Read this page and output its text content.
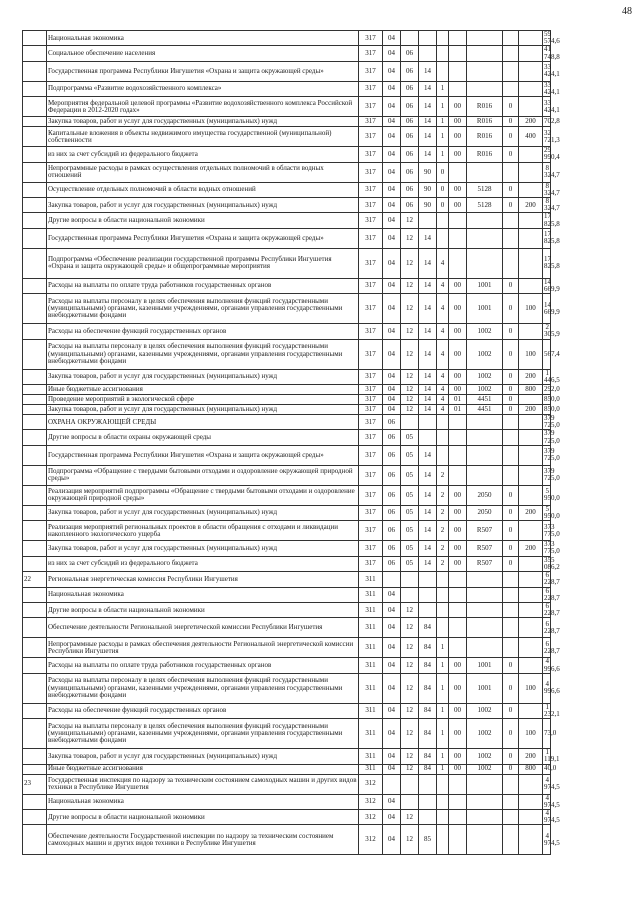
48
	Национальная экономика	317	04								59 574,6
	Социальное обеспечение населения	317	04	06							41 748,8
	Государственная программа Республики Ингушетия «Охрана и защита окружающей среды»	317	04	06	14						33 424,1
	Подпрограмма «Развитие водохозяйственного комплекса»	317	04	06	14	1					33 424,1
	Мероприятия федеральной целевой программы «Развитие водохозяйственного комплекса Российской Федерации в 2012-2020 годах»	317	04	06	14	1	00	R016	0		33 424,1
	Закупка товаров, работ и услуг для государственных (муниципальных) нужд	317	04	06	14	1	00	R016	0	200	702,8
	Капитальные вложения в объекты недвижимого имущества государственной (муниципальной) собственности	317	04	06	14	1	00	R016	0	400	32 721,3
	из них за счет субсидий из федерального бюджета	317	04	06	14	1	00	R016	0		29 990,4
	Непрограммные расходы в рамках осуществления отдельных полномочий в области водных отношений	317	04	06	90	0					8 324,7
	Осуществление отдельных полномочий в области водных отношений	317	04	06	90	0	00	5128	0		8 324,7
	Закупка товаров, работ и услуг для государственных (муниципальных) нужд	317	04	06	90	0	00	5128	0	200	8 324,7
	Другие вопросы в области национальной экономики	317	04	12							17 825,8
	Государственная программа Республики Ингушетия «Охрана и защита окружающей среды»	317	04	12	14						17 825,8
	Подпрограмма «Обеспечение реализации государственной программы Республики Ингушетия «Охрана и защита окружающей среды» и общепрограммные мероприятия	317	04	12	14	4					17 825,8
	Расходы на выплаты по оплате труда работников государственных органов	317	04	12	14	4	00	1001	0		14 669,9
	Расходы на выплаты персоналу в целях обеспечения выполнения функций государственными (муниципальными) органами, казенными учреждениями, органами управления государственными внебюджетными фондами	317	04	12	14	4	00	1001	0	100	14 669,9
	Расходы на обеспечение функций государственных органов	317	04	12	14	4	00	1002	0		2 305,9
	Расходы на выплаты персоналу в целях обеспечения выполнения функций государственными (муниципальными) органами, казенными учреждениями, органами управления государственными внебюджетными фондами	317	04	12	14	4	00	1002	0	100	567,4
	Закупка товаров, работ и услуг для государственных (муниципальных) нужд	317	04	12	14	4	00	1002	0	200	1 446,5
	Иные бюджетные ассигнования	317	04	12	14	4	00	1002	0	800	292,0
	Проведение мероприятий в экологической сфере	317	04	12	14	4	01	4451	0		850,0
	Закупка товаров, работ и услуг для государственных (муниципальных) нужд	317	04	12	14	4	01	4451	0	200	850,0
	ОХРАНА ОКРУЖАЮЩЕЙ СРЕДЫ	317	06								379 725,0
	Другие вопросы в области охраны окружающей среды	317	06	05							379 725,0
	Государственная программа Республики Ингушетия «Охрана и защита окружающей среды»	317	06	05	14						379 725,0
	Подпрограмма «Обращение с твердыми бытовыми отходами и оздоровление окружающей природной среды»	317	06	05	14	2					379 725,0
	Реализация мероприятий подпрограммы «Обращение с твердыми бытовыми отходами и оздоровление окружающей природной среды»	317	06	05	14	2	00	2050	0		5 950,0
	Закупка товаров, работ и услуг для государственных (муниципальных) нужд	317	06	05	14	2	00	2050	0	200	5 950,0
	Реализация мероприятий региональных проектов в области обращения с отходами и ликвидации накопленного экологического ущерба	317	06	05	14	2	00	R507	0		373 775,0
	Закупка товаров, работ и услуг для государственных (муниципальных) нужд	317	06	05	14	2	00	R507	0	200	373 775,0
	из них за счет субсидий из федерального бюджета	317	06	05	14	2	00	R507	0		355 086,2
22	Региональная энергетическая комиссия Республики Ингушетия	311									6 228,7
	Национальная экономика	311	04								6 228,7
	Другие вопросы в области национальной экономики	311	04	12							6 228,7
	Обеспечение деятельности Региональной энергетической комиссии Республики Ингушетия	311	04	12	84						6 228,7
	Непрограммные расходы в рамках обеспечения деятельности Региональной энергетической комиссии Республики Ингушетия	311	04	12	84	1					6 228,7
	Расходы на выплаты по оплате труда работников государственных органов	311	04	12	84	1	00	1001	0		4 996,6
	Расходы на выплаты персоналу в целях обеспечения выполнения функций государственными (муниципальными) органами, казенными учреждениями, органами управления государственными внебюджетными фондами	311	04	12	84	1	00	1001	0	100	4 996,6
	Расходы на обеспечение функций государственных органов	311	04	12	84	1	00	1002	0		1 232,1
	Расходы на выплаты персоналу в целях обеспечения выполнения функций государственными (муниципальными) органами, казенными учреждениями, органами управления государственными внебюджетными фондами	311	04	12	84	1	00	1002	0	100	73,0
	Закупка товаров, работ и услуг для государственных (муниципальных) нужд	311	04	12	84	1	00	1002	0	200	1 119,1
	Иные бюджетные ассигнования	311	04	12	84	1	00	1002	0	800	40,0
23	Государственная инспекция по надзору за техническим состоянием самоходных машин и других видов техники в Республике Ингушетия	312									4 974,5
	Национальная экономика	312	04								4 974,5
	Другие вопросы в области национальной экономики	312	04	12							4 974,5
	Обеспечение деятельности Государственной инспекции по надзору за техническим состоянием самоходных машин и других видов техники в Республике Ингушетия	312	04	12	85						4 974,5
